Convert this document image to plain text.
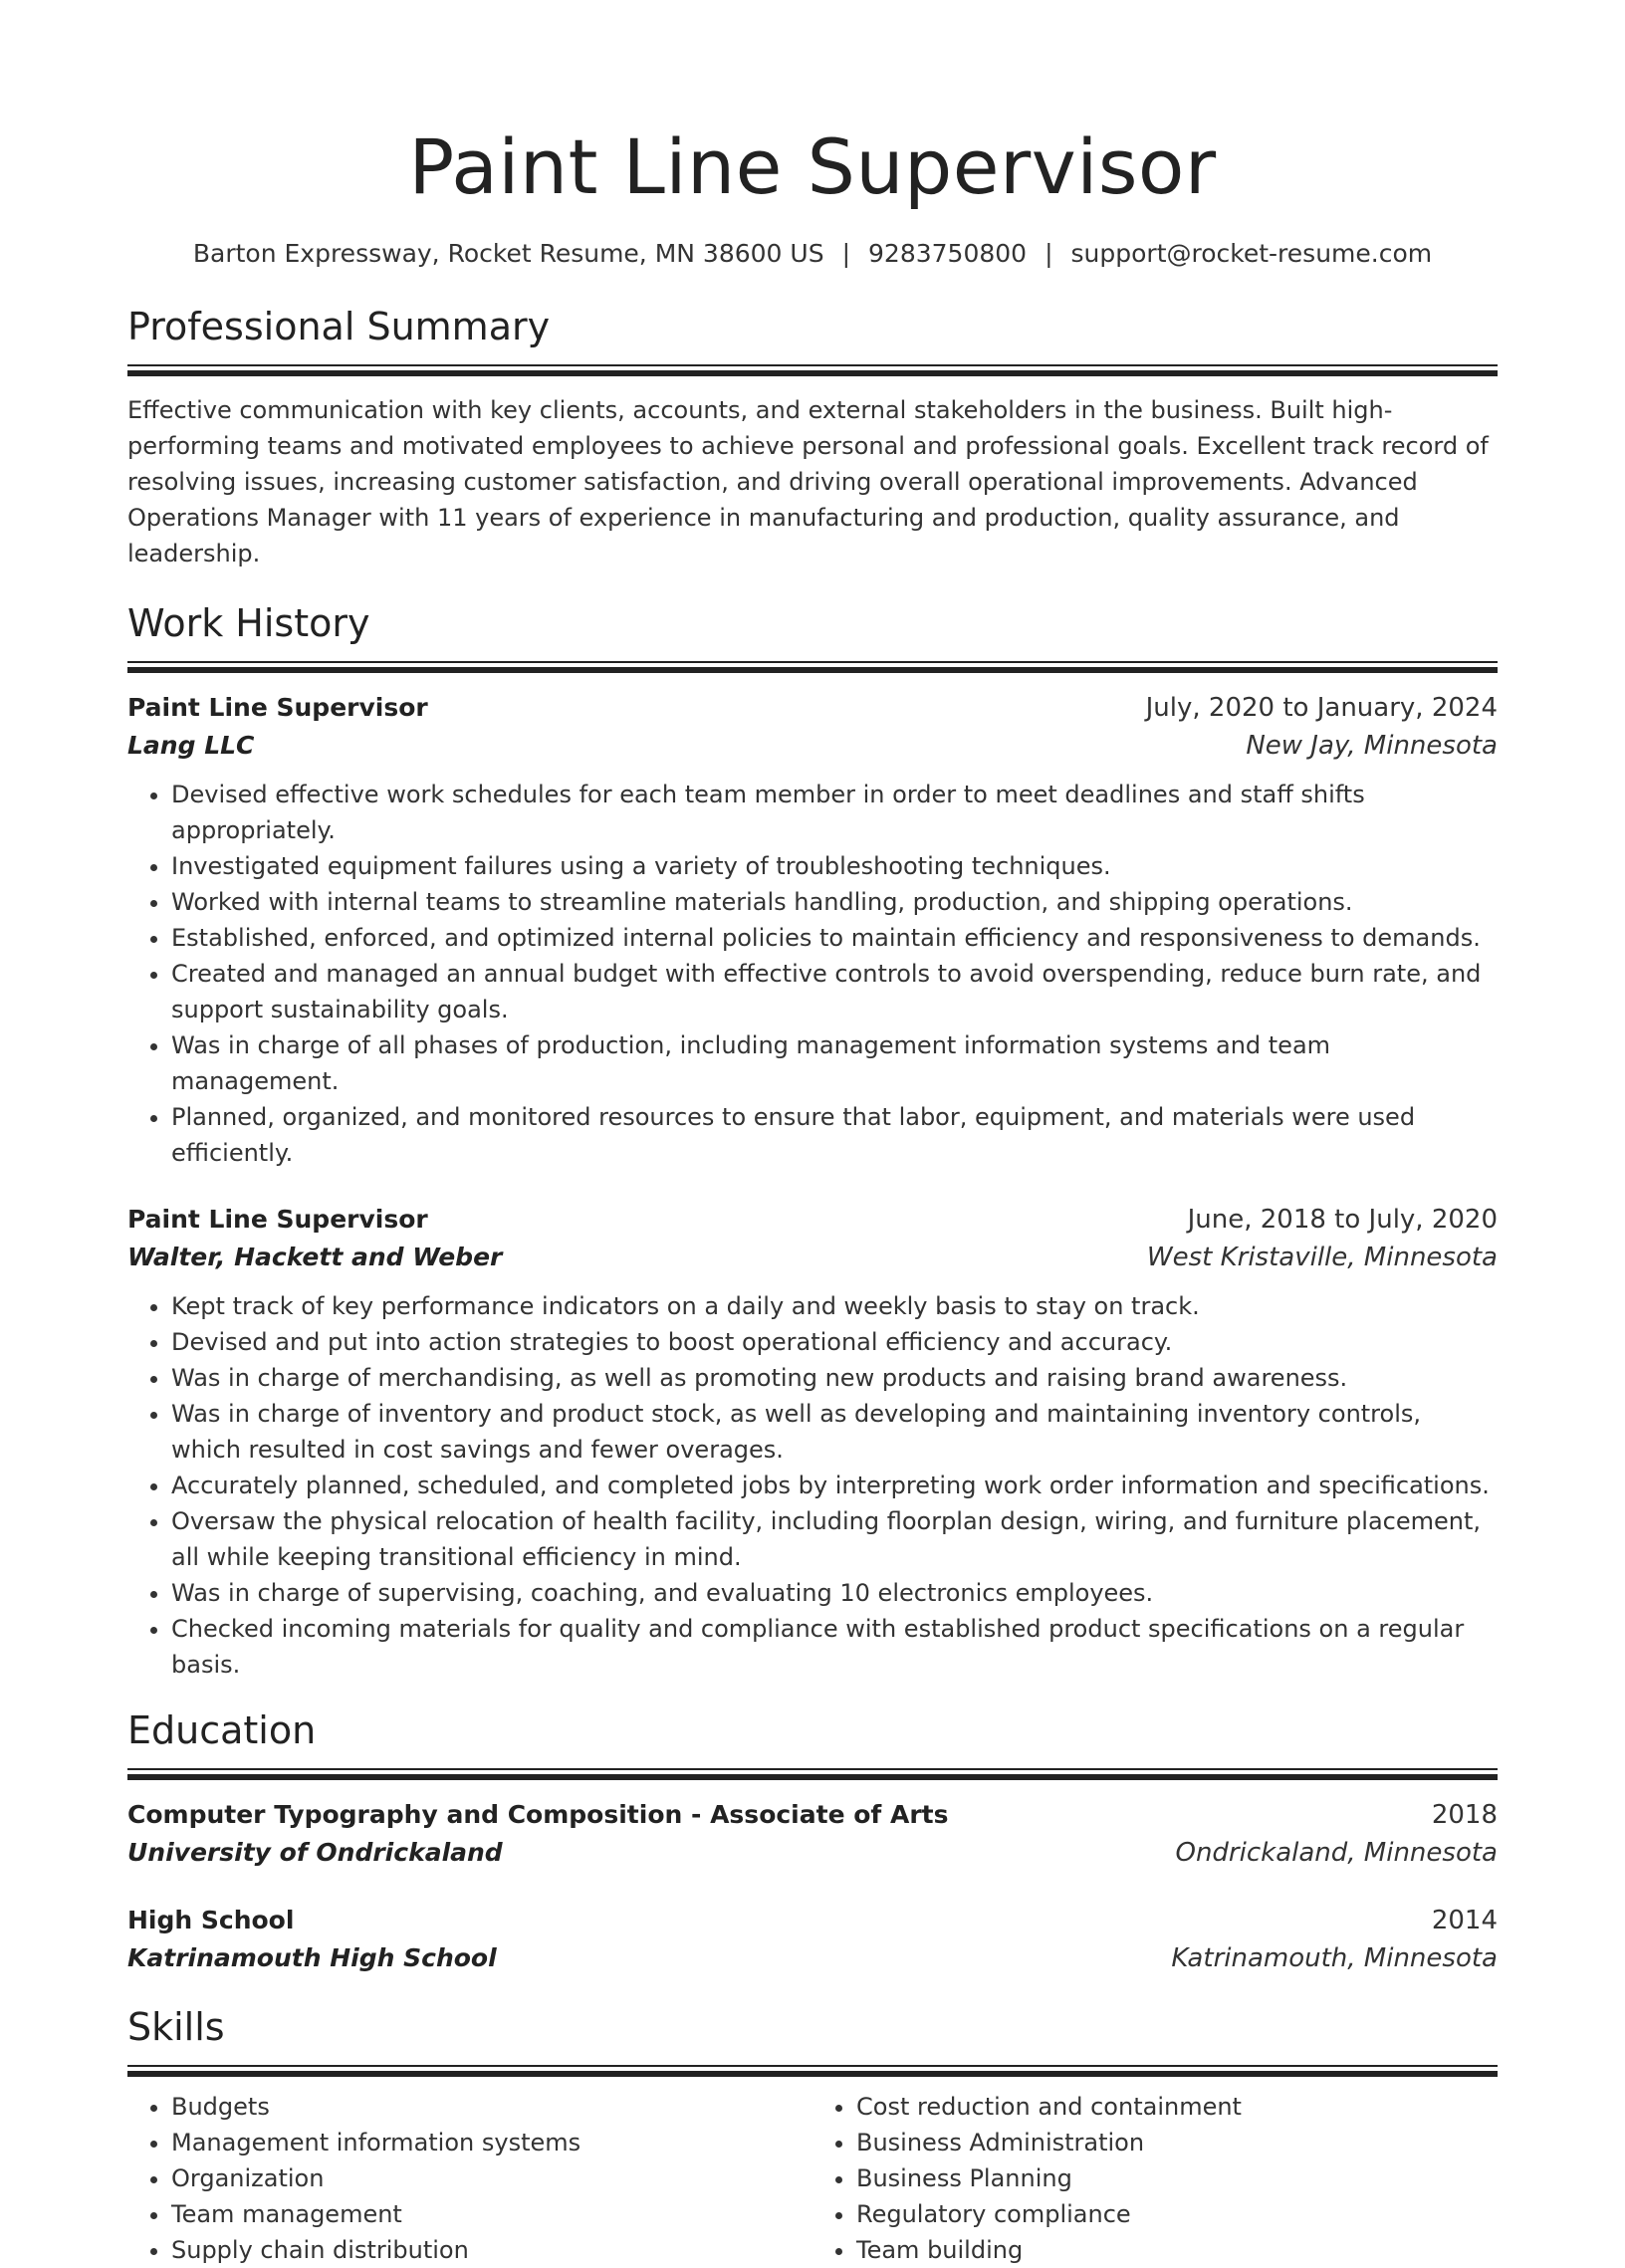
Paint Line Supervisor
Barton Expressway, Rocket Resume, MN 38600 US | 9283750800 | support@rocket-resume.com
Professional Summary

Effective communication with key clients, accounts, and external stakeholders in the business. Built high-performing teams and motivated employees to achieve personal and professional goals. Excellent track record of resolving issues, increasing customer satisfaction, and driving overall operational improvements. Advanced Operations Manager with 11 years of experience in manufacturing and production, quality assurance, and leadership.

Work History
Paint Line Supervisor	July, 2020 to January, 2024
Lang LLC	New Jay, Minnesota
• Devised effective work schedules for each team member in order to meet deadlines and staff shifts appropriately.
• Investigated equipment failures using a variety of troubleshooting techniques.
• Worked with internal teams to streamline materials handling, production, and shipping operations.
• Established, enforced, and optimized internal policies to maintain efficiency and responsiveness to demands.
• Created and managed an annual budget with effective controls to avoid overspending, reduce burn rate, and support sustainability goals.
• Was in charge of all phases of production, including management information systems and team management.
• Planned, organized, and monitored resources to ensure that labor, equipment, and materials were used efficiently.
Paint Line Supervisor	June, 2018 to July, 2020
Walter, Hackett and Weber	West Kristaville, Minnesota
• Kept track of key performance indicators on a daily and weekly basis to stay on track.
• Devised and put into action strategies to boost operational efficiency and accuracy.
• Was in charge of merchandising, as well as promoting new products and raising brand awareness.
• Was in charge of inventory and product stock, as well as developing and maintaining inventory controls, which resulted in cost savings and fewer overages.
• Accurately planned, scheduled, and completed jobs by interpreting work order information and specifications.
• Oversaw the physical relocation of health facility, including floorplan design, wiring, and furniture placement, all while keeping transitional efficiency in mind.
• Was in charge of supervising, coaching, and evaluating 10 electronics employees.
• Checked incoming materials for quality and compliance with established product specifications on a regular basis.
Education
Computer Typography and Composition - Associate of Arts	2018
University of Ondrickaland	Ondrickaland, Minnesota
High School	2014
Katrinamouth High School	Katrinamouth, Minnesota
Skills
• Budgets
• Management information systems
• Organization
• Team management
• Supply chain distribution
• Cost reduction and containment
• Business Administration
• Business Planning
• Regulatory compliance
• Team building
